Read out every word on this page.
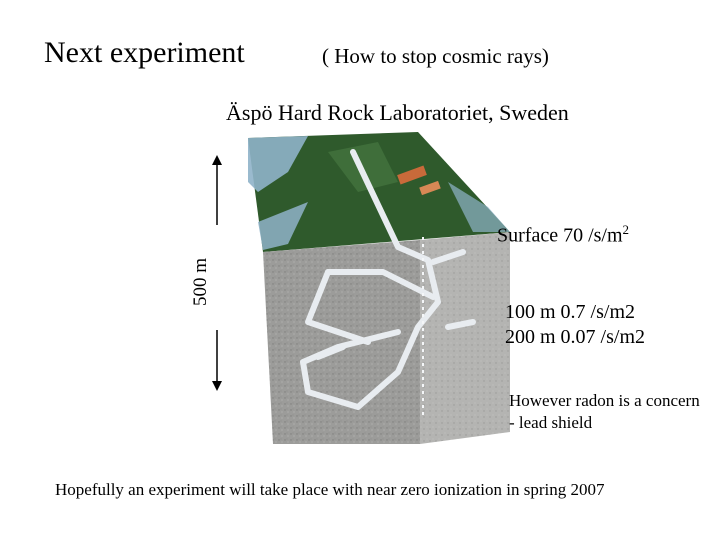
Next experiment	( How to stop cosmic rays)
Äspö Hard Rock Laboratoriet, Sweden
500 m
Surface 70 $/s/m^2$
100 m 0.7 /s/m2
200 m 0.07 /s/m2
However radon is a concern - lead shield
Hopefully an experiment will take place with near zero ionization in spring 2007
